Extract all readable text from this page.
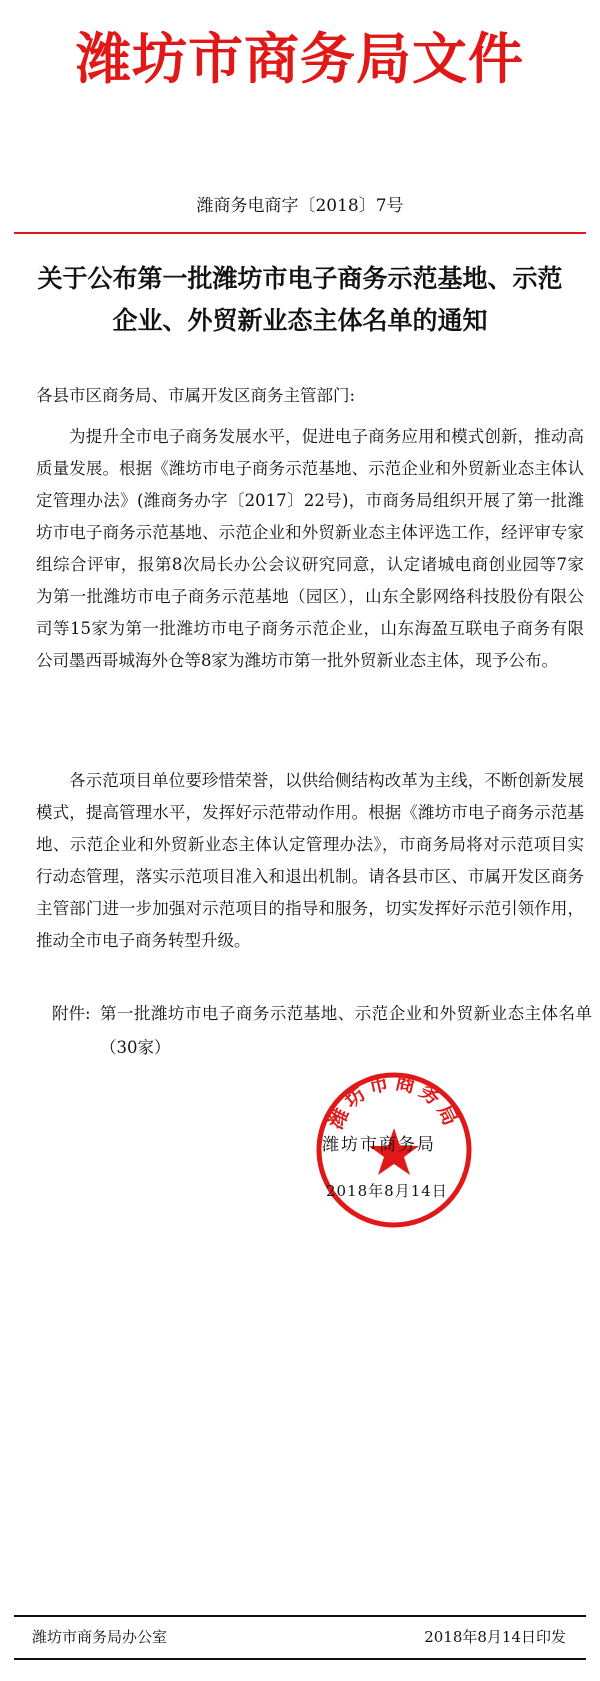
潍坊市商务局文件
潍商务电商字〔2018〕7号
关于公布第一批潍坊市电子商务示范基地、示范
企业、外贸新业态主体名单的通知
各县市区商务局、市属开发区商务主管部门:
为提升全市电子商务发展水平，促进电子商务应用和模式创新，推动高质量发展。根据《潍坊市电子商务示范基地、示范企业和外贸新业态主体认定管理办法》(潍商务办字〔2017〕22号)，市商务局组织开展了第一批潍坊市电子商务示范基地、示范企业和外贸新业态主体评选工作，经评审专家组综合评审，报第8次局长办公会议研究同意，认定诸城电商创业园等7家为第一批潍坊市电子商务示范基地（园区），山东全影网络科技股份有限公司等15家为第一批潍坊市电子商务示范企业，山东海盈互联电子商务有限公司墨西哥城海外仓等8家为潍坊市第一批外贸新业态主体，现予公布。
各示范项目单位要珍惜荣誉，以供给侧结构改革为主线，不断创新发展模式，提高管理水平，发挥好示范带动作用。根据《潍坊市电子商务示范基地、示范企业和外贸新业态主体认定管理办法》，市商务局将对示范项目实行动态管理，落实示范项目准入和退出机制。请各县市区、市属开发区商务主管部门进一步加强对示范项目的指导和服务，切实发挥好示范引领作用，推动全市电子商务转型升级。
附件: 第一批潍坊市电子商务示范基地、示范企业和外贸新业态主体名单（30家）
潍坊市商务局
潍坊市商务局
2018年8月14日
潍坊市商务局办公室	2018年8月14日印发
